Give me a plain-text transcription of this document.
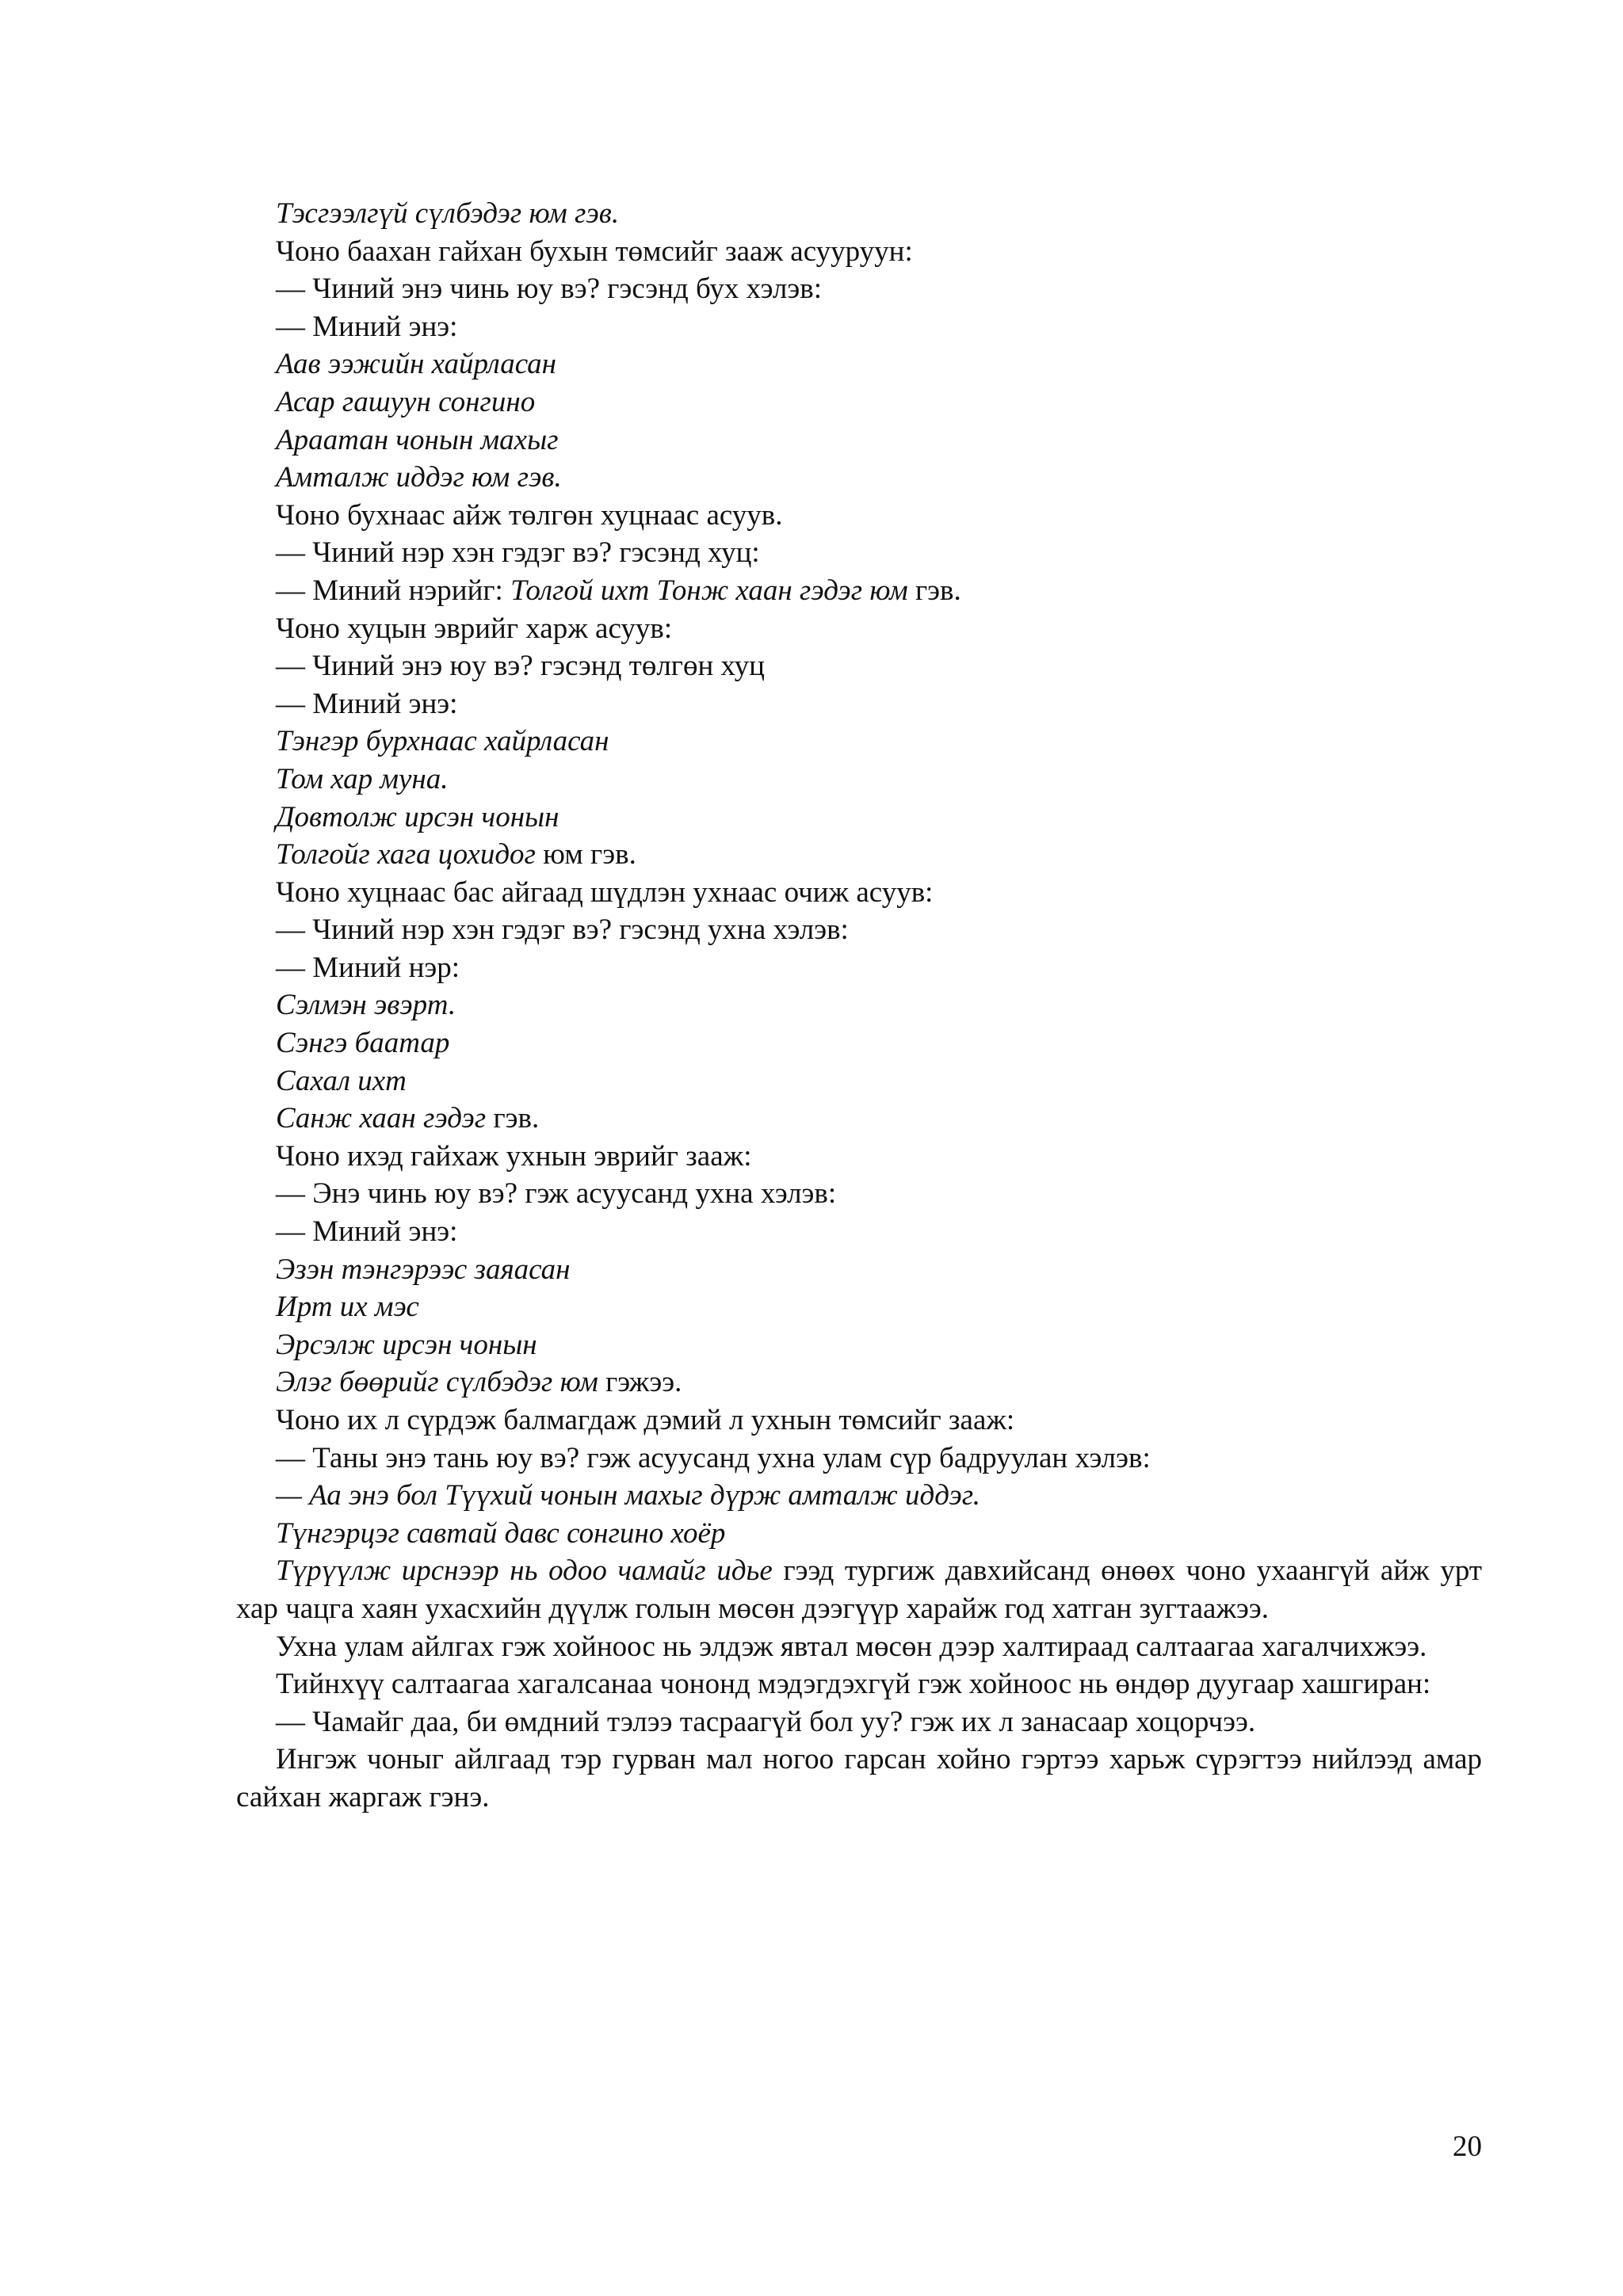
Тэсгээлгүй сүлбэдэг юм гэв.

Чоно баахан гайхан бухын төмсийг зааж асууруун:

— Чиний энэ чинь юу вэ? гэсэнд бух хэлэв:

— Миний энэ:

Аав ээжийн хайрласан

Асар гашуун сонгино

Араатан чонын махыг

Амталж иддэг юм гэв.

Чоно бухнаас айж төлгөн хуцнаас асуув.

— Чиний нэр хэн гэдэг вэ? гэсэнд хуц:

— Миний нэрийг: Толгой ихт Тонж хаан гэдэг юм гэв.

Чоно хуцын эврийг харж асуув:

— Чиний энэ юу вэ? гэсэнд төлгөн хуц

— Миний энэ:

Тэнгэр бурхнаас хайрласан

Том хар муна.

Довтолж ирсэн чонын

Толгойг хага цохидог юм гэв.

Чоно хуцнаас бас айгаад шүдлэн ухнаас очиж асуув:

— Чиний нэр хэн гэдэг вэ? гэсэнд ухна хэлэв:

— Миний нэр:

Сэлмэн эвэрт.

Сэнгэ баатар

Сахал ихт

Санж хаан гэдэг гэв.

Чоно ихэд гайхаж ухнын эврийг зааж:

— Энэ чинь юу вэ? гэж асуусанд ухна хэлэв:

— Миний энэ:

Эзэн тэнгэрээс заяасан

Ирт их мэс

Эрсэлж ирсэн чонын

Элэг бөөрийг сүлбэдэг юм гэжээ.

Чоно их л сүрдэж балмагдаж дэмий л ухнын төмсийг зааж:

— Таны энэ тань юу вэ? гэж асуусанд ухна улам сүр бадруулан хэлэв:

— Аа энэ бол Түүхий чонын махыг дүрж амталж иддэг.

Түнгэрцэг савтай давс сонгино хоёр

Түрүүлж ирснээр нь одоо чамайг идье гээд тургиж давхийсанд өнөөх чоно ухаангүй айж урт хар чацга хаян ухасхийн дүүлж голын мөсөн дээгүүр харайж год хатган зугтаажээ.

Ухна улам айлгах гэж хойноос нь элдэж явтал мөсөн дээр халтираад салтаагаа хагалчихжээ.

Тийнхүү салтаагаа хагалсанаа чононд мэдэгдэхгүй гэж хойноос нь өндөр дуугаар хашгиран:

— Чамайг даа, би өмдний тэлээ тасраагүй бол уу? гэж их л занасаар хоцорчээ.

Ингэж чоныг айлгаад тэр гурван мал ногоо гарсан хойно гэртээ харьж сүрэгтээ нийлээд амар сайхан жаргаж гэнэ.

20
